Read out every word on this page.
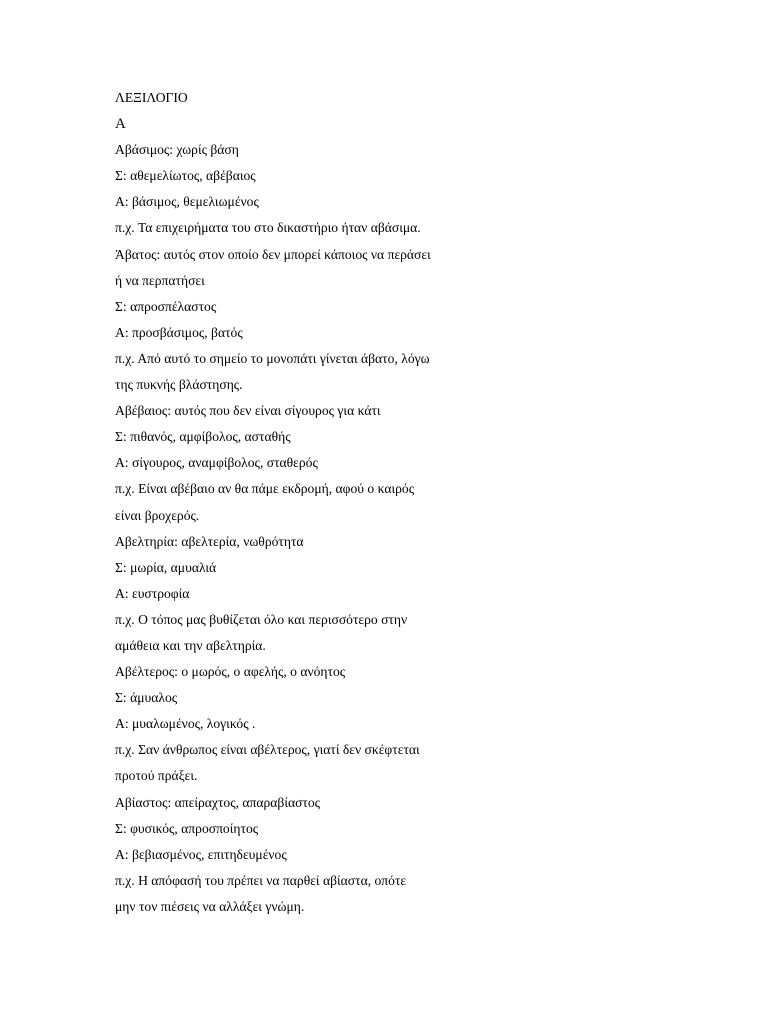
ΛΕΞΙΛΟΓΙΟ
Α
Αβάσιμος: χωρίς βάση
Σ: αθεμελίωτος, αβέβαιος
Α: βάσιμος, θεμελιωμένος
π.χ. Τα επιχειρήματα του στο δικαστήριο ήταν αβάσιμα.
Άβατος: αυτός στον οποίο δεν μπορεί κάποιος να περάσει
ή να περπατήσει
Σ: απροσπέλαστος
Α: προσβάσιμος, βατός
π.χ. Από αυτό το σημείο το μονοπάτι γίνεται άβατο, λόγω
της πυκνής βλάστησης.
Αβέβαιος: αυτός που δεν είναι σίγουρος για κάτι
Σ: πιθανός, αμφίβολος, ασταθής
Α: σίγουρος, αναμφίβολος, σταθερός
π.χ. Είναι αβέβαιο αν θα πάμε εκδρομή, αφού ο καιρός
είναι βροχερός.
Αβελτηρία: αβελτερία, νωθρότητα
Σ: μωρία, αμυαλιά
Α: ευστροφία
π.χ. Ο τόπος μας βυθίζεται όλο και περισσότερο στην
αμάθεια και την αβελτηρία.
Αβέλτερος: ο μωρός, ο αφελής, ο ανόητος
Σ: άμυαλος
Α: μυαλωμένος, λογικός .
π.χ. Σαν άνθρωπος είναι αβέλτερος, γιατί δεν σκέφτεται
προτού πράξει.
Αβίαστος: απείραχτος, απαραβίαστος
Σ: φυσικός, απροσποίητος
Α: βεβιασμένος, επιτηδευμένος
π.χ. Η απόφασή του πρέπει να παρθεί αβίαστα, οπότε
μην τον πιέσεις να αλλάξει γνώμη.
